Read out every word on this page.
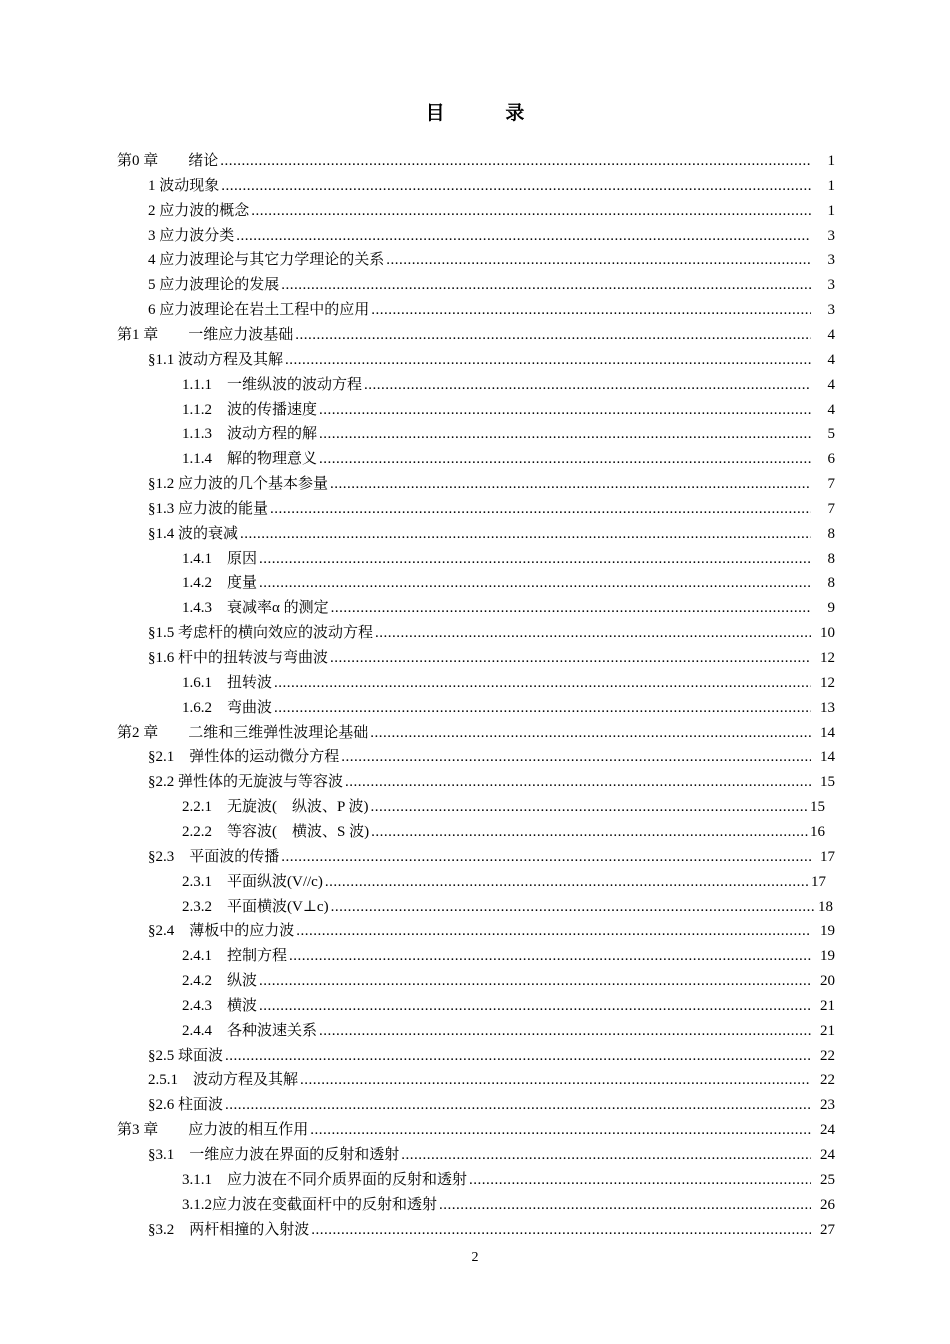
目	录
第0 章　　绪论 .....	1
1 波动现象 .....	1
2 应力波的概念 .....	1
3 应力波分类 .....	3
4 应力波理论与其它力学理论的关系 .....	3
5 应力波理论的发展 .....	3
6 应力波理论在岩土工程中的应用 .....	3
第1 章　　一维应力波基础 .....	4
§1.1 波动方程及其解 .....	4
1.1.1　一维纵波的波动方程 .....	4
1.1.2　波的传播速度 .....	4
1.1.3　波动方程的解 .....	5
1.1.4　解的物理意义 .....	6
§1.2 应力波的几个基本参量 .....	7
§1.3 应力波的能量 .....	7
§1.4 波的衰减 .....	8
1.4.1　原因 .....	8
1.4.2　度量 .....	8
1.4.3　衰减率α 的测定 .....	9
§1.5 考虑杆的横向效应的波动方程 .....	10
§1.6 杆中的扭转波与弯曲波 .....	12
1.6.1　扭转波 .....	12
1.6.2　弯曲波 .....	13
第2 章　　二维和三维弹性波理论基础 .....	14
§2.1　弹性体的运动微分方程 .....	14
§2.2 弹性体的无旋波与等容波 .....	15
2.2.1　无旋波(　纵波、P 波) .....	15
2.2.2　等容波(　横波、S 波) .....	16
§2.3　平面波的传播 .....	17
2.3.1　平面纵波(V//c) .....	17
2.3.2　平面横波(V⊥c) .....	18
§2.4　薄板中的应力波 .....	19
2.4.1　控制方程 .....	19
2.4.2　纵波 .....	20
2.4.3　横波 .....	21
2.4.4　各种波速关系 .....	21
§2.5 球面波 .....	22
2.5.1　波动方程及其解 .....	22
§2.6 柱面波 .....	23
第3 章　　应力波的相互作用 .....	24
§3.1　一维应力波在界面的反射和透射 .....	24
3.1.1　应力波在不同介质界面的反射和透射 .....	25
3.1.2应力波在变截面杆中的反射和透射 .....	26
§3.2　两杆相撞的入射波 .....	27
2
